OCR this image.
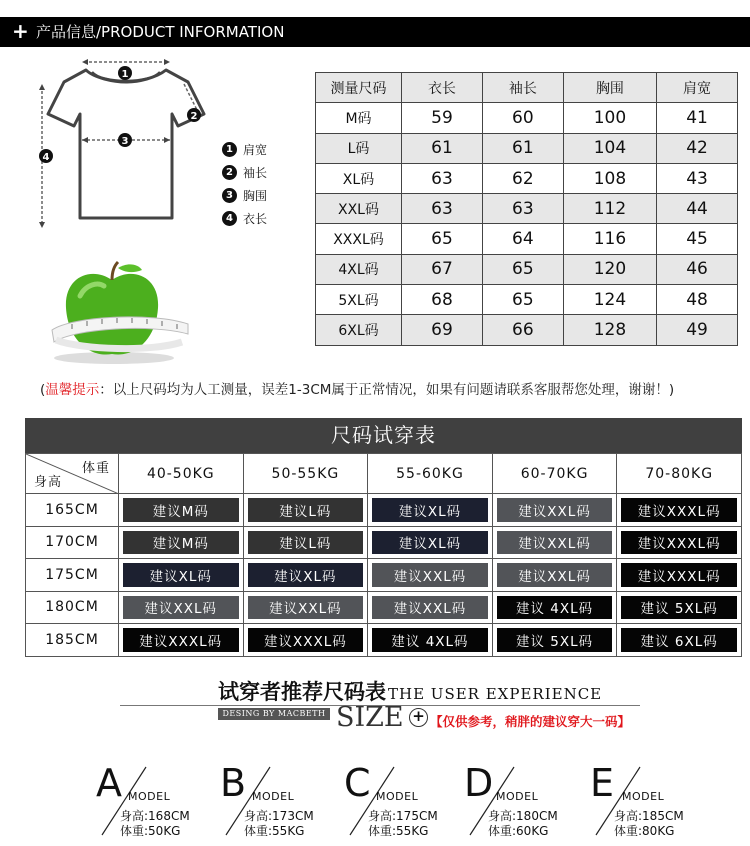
+ 产品信息/PRODUCT INFORMATION
1
2
3
4
1 肩宽
2 袖长
3 胸围
4 衣长
测量尺码	衣长	袖长	胸围	肩宽
M码	59	60	100	41
L码	61	61	104	42
XL码	63	62	108	43
XXL码	63	63	112	44
XXXL码	65	64	116	45
4XL码	67	65	120	46
5XL码	68	65	124	48
6XL码	69	66	128	49
(温馨提示：以上尺码均为人工测量，误差1-3CM属于正常情况，如果有问题请联系客服帮您处理，谢谢！)
尺码试穿表
体重
身高	40-50KG	50-55KG	55-60KG	60-70KG	70-80KG
165CM	建议M码	建议L码	建议XL码	建议XXL码	建议XXXL码

170CM	建议M码	建议L码	建议XL码	建议XXL码	建议XXXL码

175CM	建议XL码	建议XL码	建议XXL码	建议XXL码	建议XXXL码

180CM	建议XXL码	建议XXL码	建议XXL码	建议 4XL码	建议 5XL码

185CM	建议XXXL码	建议XXXL码	建议 4XL码	建议 5XL码	建议 6XL码
试穿者推荐尺码表 THE USER EXPERIENCE
DESING BY MACBETH SIZE + 【仅供参考，稍胖的建议穿大一码】
A MODEL
身高:168CM
体重:50KG
B MODEL
身高:173CM
体重:55KG
C MODEL
身高:175CM
体重:55KG
D MODEL
身高:180CM
体重:60KG
E MODEL
身高:185CM
体重:80KG
